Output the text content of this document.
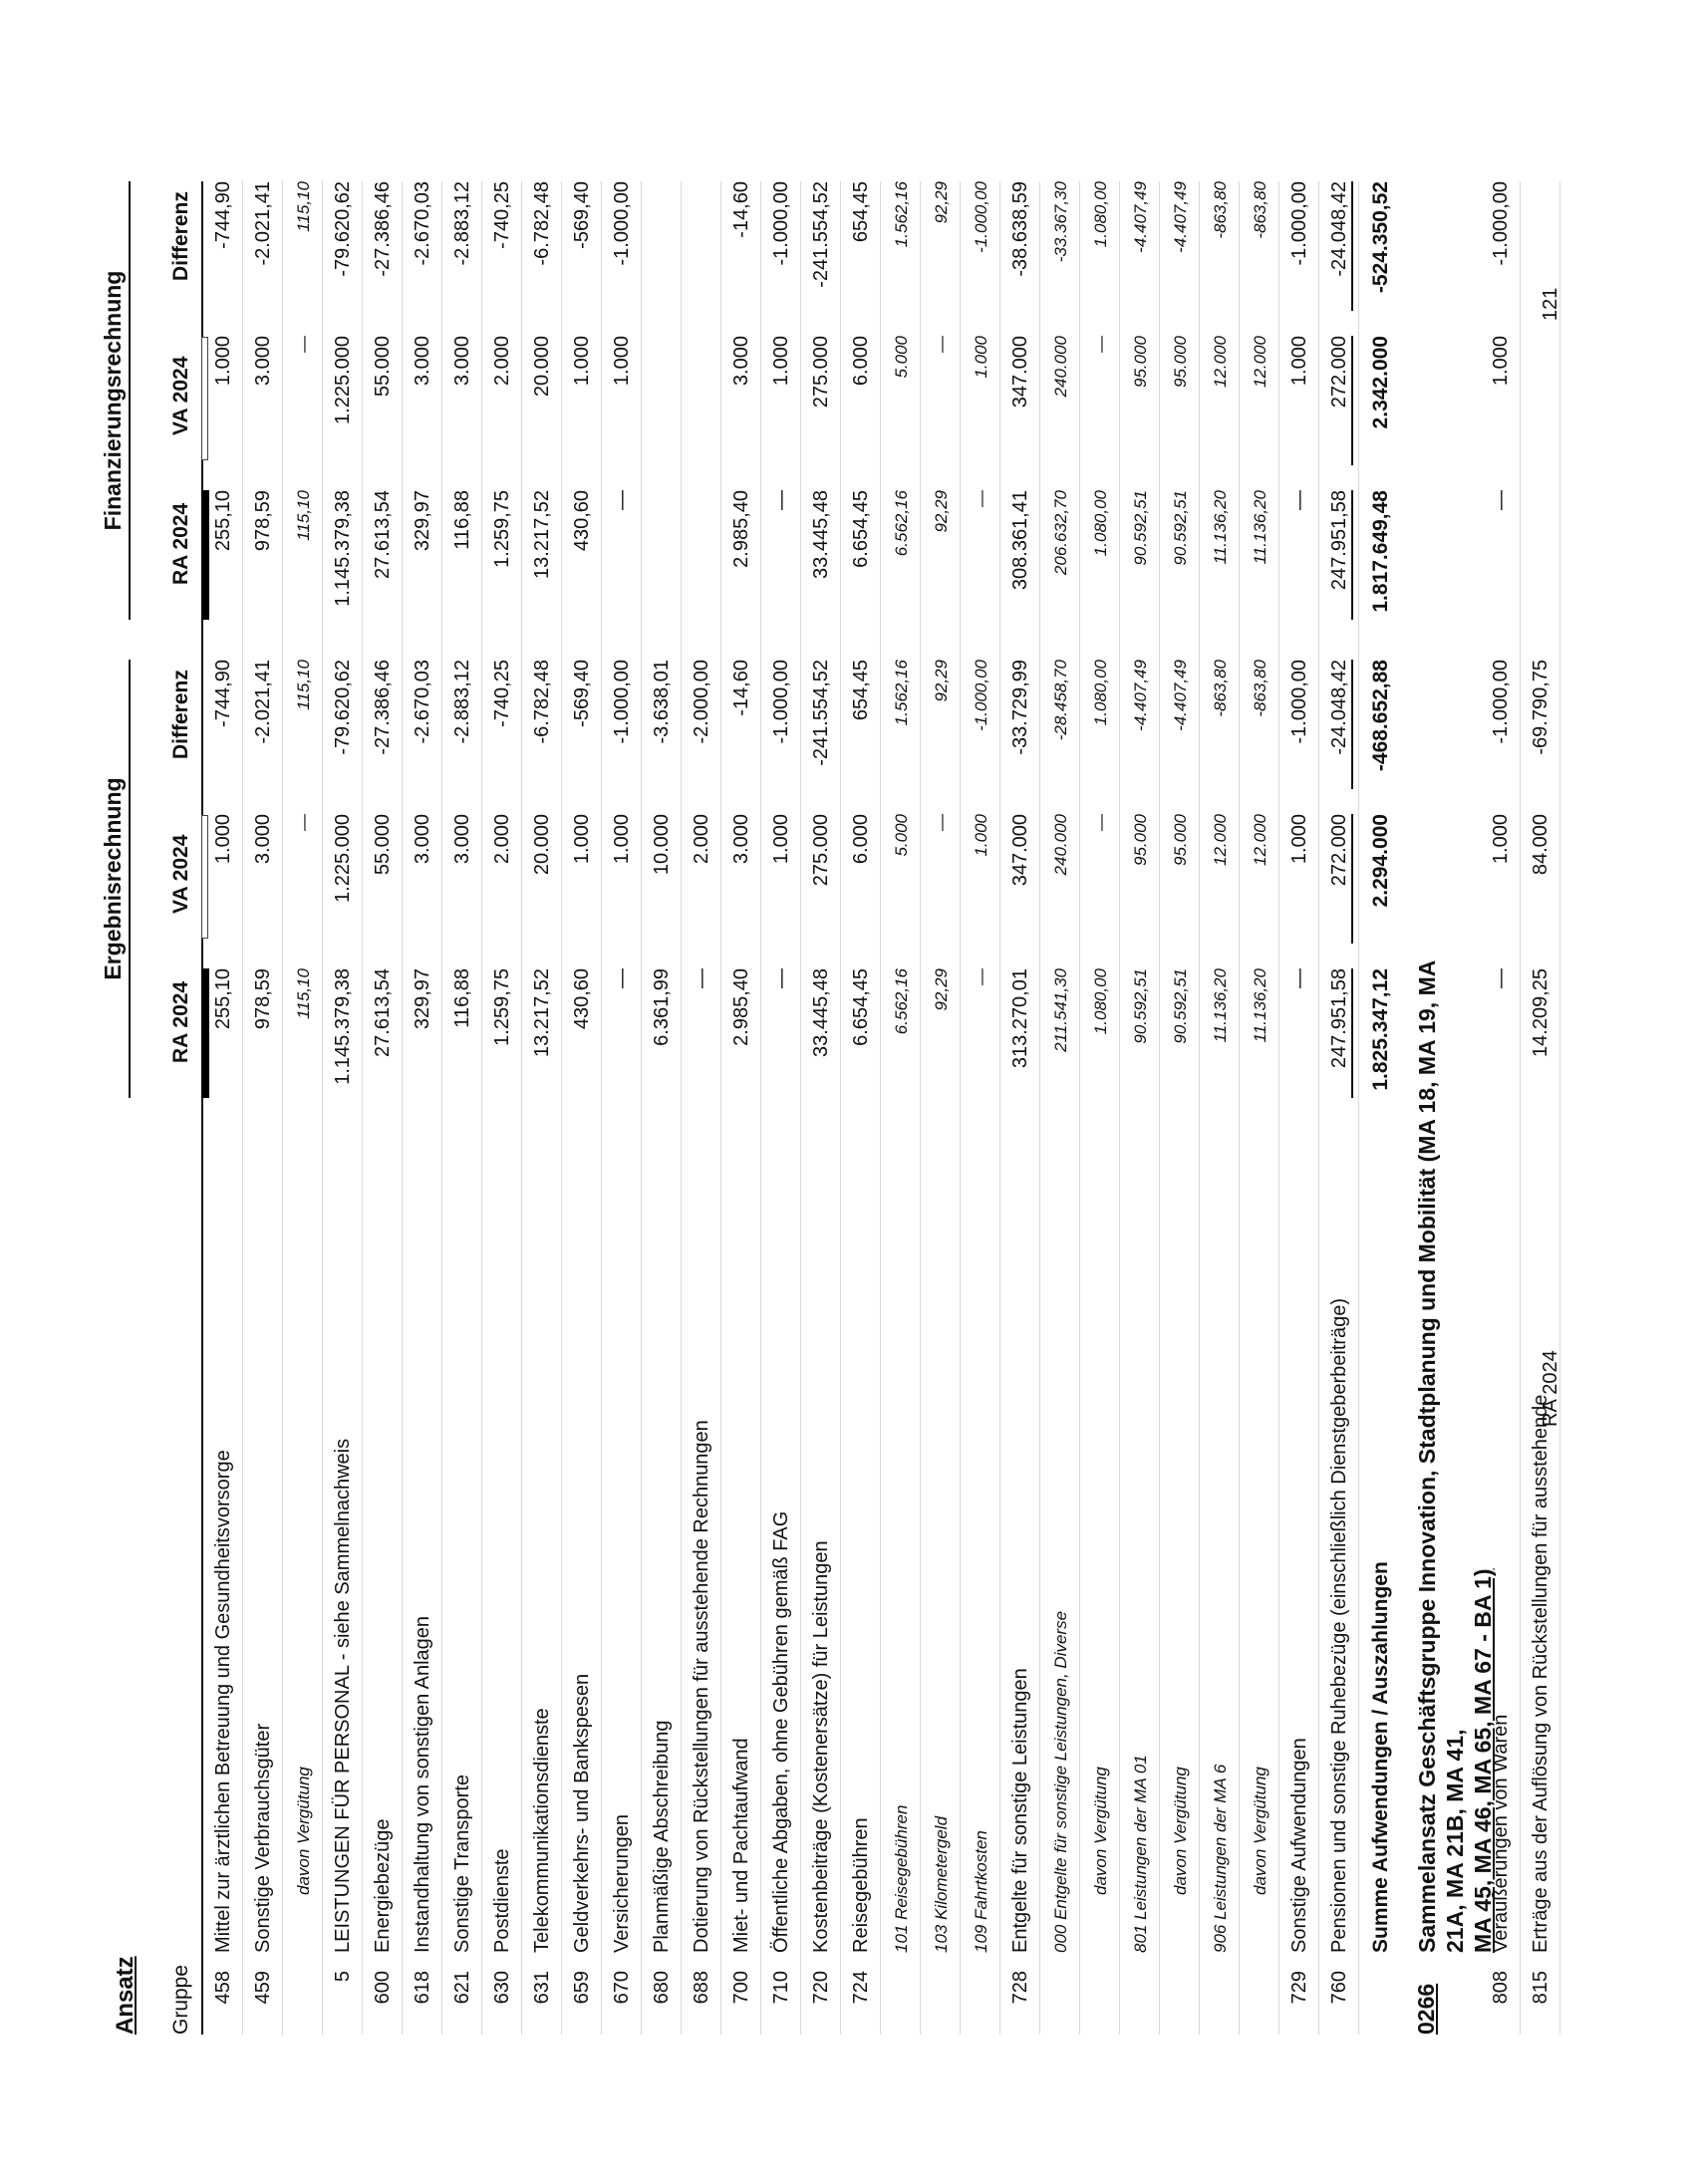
Ergebnisrechnung
Finanzierungsrechnung
Ansatz Gruppe
RA 2024
VA 2024
Differenz
RA 2024
VA 2024
Differenz
458
Mittel zur ärztlichen Betreuung und Gesundheitsvorsorge
255,10
1.000
-744,90
255,10
1.000
-744,90
459
Sonstige Verbrauchsgüter
978,59
3.000
-2.021,41
978,59
3.000
-2.021,41
davon Vergütung
115,10
—
115,10
115,10
—
115,10
5
LEISTUNGEN FÜR PERSONAL - siehe Sammelnachweis
1.145.379,38
1.225.000
-79.620,62
1.145.379,38
1.225.000
-79.620,62
600
Energiebezüge
27.613,54
55.000
-27.386,46
27.613,54
55.000
-27.386,46
618
Instandhaltung von sonstigen Anlagen
329,97
3.000
-2.670,03
329,97
3.000
-2.670,03
621
Sonstige Transporte
116,88
3.000
-2.883,12
116,88
3.000
-2.883,12
630
Postdienste
1.259,75
2.000
-740,25
1.259,75
2.000
-740,25
631
Telekommunikationsdienste
13.217,52
20.000
-6.782,48
13.217,52
20.000
-6.782,48
659
Geldverkehrs- und Bankspesen
430,60
1.000
-569,40
430,60
1.000
-569,40
670
Versicherungen
—
1.000
-1.000,00
—
1.000
-1.000,00
680
Planmäßige Abschreibung
6.361,99
10.000
-3.638,01
688
Dotierung von Rückstellungen für ausstehende Rechnungen
—
2.000
-2.000,00
700
Miet- und Pachtaufwand
2.985,40
3.000
-14,60
2.985,40
3.000
-14,60
710
Öffentliche Abgaben, ohne Gebühren gemäß FAG
—
1.000
-1.000,00
—
1.000
-1.000,00
720
Kostenbeiträge (Kostenersätze) für Leistungen
33.445,48
275.000
-241.554,52
33.445,48
275.000
-241.554,52
724
Reisegebühren
6.654,45
6.000
654,45
6.654,45
6.000
654,45
101 Reisegebühren
6.562,16
5.000
1.562,16
6.562,16
5.000
1.562,16
103 Kilometergeld
92,29
—
92,29
92,29
—
92,29
109 Fahrtkosten
—
1.000
-1.000,00
—
1.000
-1.000,00
728
Entgelte für sonstige Leistungen
313.270,01
347.000
-33.729,99
308.361,41
347.000
-38.638,59
000 Entgelte für sonstige Leistungen, Diverse
211.541,30
240.000
-28.458,70
206.632,70
240.000
-33.367,30
davon Vergütung
1.080,00
—
1.080,00
1.080,00
—
1.080,00
801 Leistungen der MA 01
90.592,51
95.000
-4.407,49
90.592,51
95.000
-4.407,49
davon Vergütung
90.592,51
95.000
-4.407,49
90.592,51
95.000
-4.407,49
906 Leistungen der MA 6
11.136,20
12.000
-863,80
11.136,20
12.000
-863,80
davon Vergütung
11.136,20
12.000
-863,80
11.136,20
12.000
-863,80
729
Sonstige Aufwendungen
—
1.000
-1.000,00
—
1.000
-1.000,00
760
Pensionen und sonstige Ruhebezüge (einschließlich Dienstgeberbeiträge)
247.951,58
272.000
-24.048,42
247.951,58
272.000
-24.048,42
Summe Aufwendungen / Auszahlungen
1.825.347,12
2.294.000
-468.652,88
1.817.649,48
2.342.000
-524.350,52
0266
Sammelansatz Geschäftsgruppe Innovation, Stadtplanung und Mobilität (MA 18, MA 19, MA 21A, MA 21B, MA 41, MA 45, MA 46, MA 65, MA 67 - BA 1)
808
Veräußerungen von Waren
—
1.000
-1.000,00
—
1.000
-1.000,00
815
Erträge aus der Auflösung von Rückstellungen für ausstehende
14.209,25
84.000
-69.790,75
RA 2024
121
